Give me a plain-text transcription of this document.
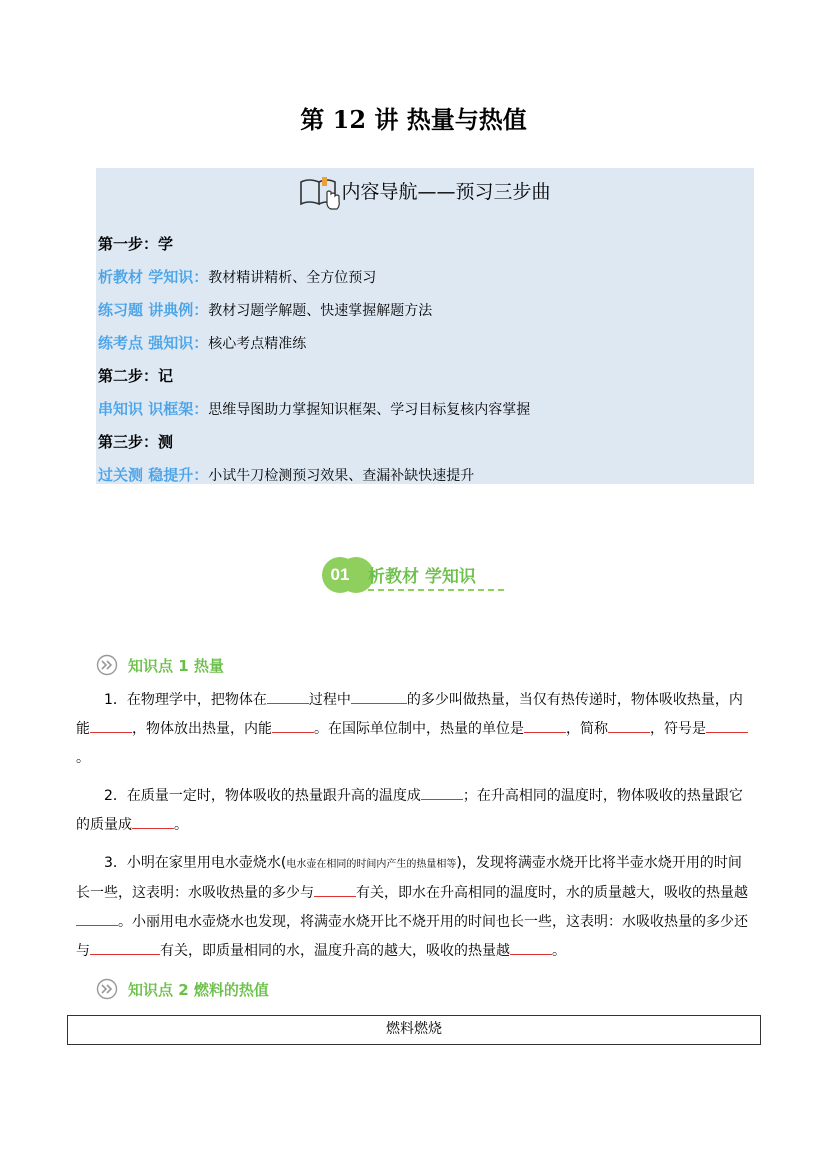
第 12 讲 热量与热值
内容导航——预习三步曲
第一步：学
析教材 学知识：教材精讲精析、全方位预习
练习题 讲典例：教材习题学解题、快速掌握解题方法
练考点 强知识：核心考点精准练
第二步：记
串知识 识框架：思维导图助力掌握知识框架、学习目标复核内容掌握
第三步：测
过关测 稳提升：小试牛刀检测预习效果、查漏补缺快速提升
01	析教材 学知识
知识点 1 热量
1．在物理学中，把物体在	过程中	的多少叫做热量，当仅有热传递时，物体吸收热量，内能	，物体放出热量，内能	。在国际单位制中，热量的单位是	，简称	，符号是。
2．在质量一定时，物体吸收的热量跟升高的温度成	；在升高相同的温度时，物体吸收的热量跟它的质量成	。
3．小明在家里用电水壶烧水(电水壶在相同的时间内产生的热量相等)，发现将满壶水烧开比将半壶水烧开用的时间长一些，这表明：水吸收热量的多少与	有关，即水在升高相同的温度时，水的质量越大，吸收的热量越。小丽用电水壶烧水也发现，将满壶水烧开比不烧开用的时间也长一些，这表明：水吸收热量的多少还与	有关，即质量相同的水，温度升高的越大，吸收的热量越	。
知识点 2 燃料的热值
燃料燃烧
